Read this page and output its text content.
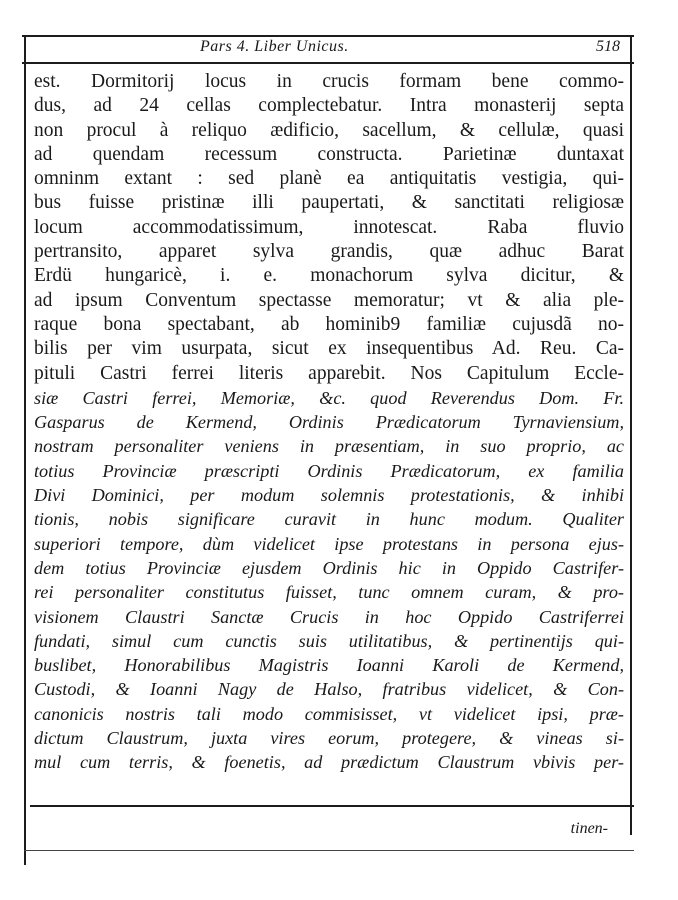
Pars 4. Liber Unicus.	518
est. Dormitorij locus in crucis formam bene commo-
dus, ad 24 cellas complectebatur. Intra monasterij septa
non procul à reliquo ædificio, sacellum, & cellulæ, quasi
ad quendam recessum constructa. Parietinæ duntaxat
omninm extant : sed planè ea antiquitatis vestigia, qui-
bus fuisse pristinæ illi paupertati, & sanctitati religiosæ
locum accommodatissimum, innotescat. Raba fluvio
pertransito, apparet sylva grandis, quæ adhuc Barat
Erdü hungaricè, i. e. monachorum sylva dicitur, &
ad ipsum Conventum spectasse memoratur; vt & alia ple-
raque bona spectabant, ab hominib9 familiæ cujusdã no-
bilis per vim usurpata, sicut ex insequentibus Ad. Reu. Ca-
pituli Castri ferrei literis apparebit. Nos Capitulum Eccle-
siæ Castri ferrei, Memoriæ, &c. quod Reverendus Dom. Fr.
Gasparus de Kermend, Ordinis Prædicatorum Tyrnaviensium,
nostram personaliter veniens in præsentiam, in suo proprio, ac
totius Provinciæ præscripti Ordinis Prædicatorum, ex familia
Divi Dominici, per modum solemnis protestationis, & inhibi
tionis, nobis significare curavit in hunc modum. Qualiter
superiori tempore, dùm videlicet ipse protestans in persona ejus-
dem totius Provinciæ ejusdem Ordinis hic in Oppido Castrifer-
rei personaliter constitutus fuisset, tunc omnem curam, & pro-
visionem Claustri Sanctæ Crucis in hoc Oppido Castriferrei
fundati, simul cum cunctis suis utilitatibus, & pertinentijs qui-
buslibet, Honorabilibus Magistris Ioanni Karoli de Kermend,
Custodi, & Ioanni Nagy de Halso, fratribus videlicet, & Con-
canonicis nostris tali modo commisisset, vt videlicet ipsi, præ-
dictum Claustrum, juxta vires eorum, protegere, & vineas si-
mul cum terris, & foenetis, ad prædictum Claustrum vbivis per-
tinen-
